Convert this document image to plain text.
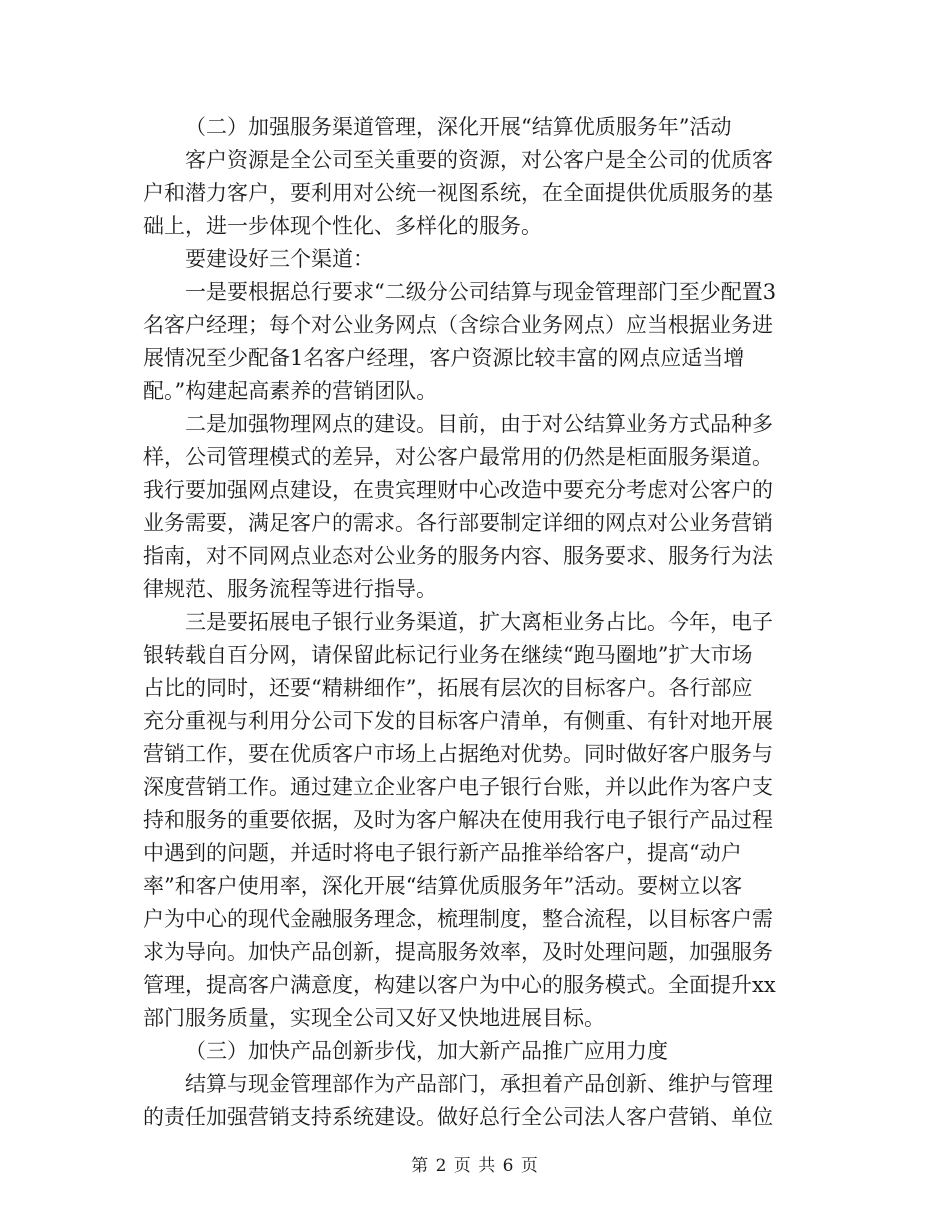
（二）加强服务渠道管理，深化开展“结算优质服务年”活动
客户资源是全公司至关重要的资源，对公客户是全公司的优质客
户和潜力客户，要利用对公统一视图系统，在全面提供优质服务的基
础上，进一步体现个性化、多样化的服务。
要建设好三个渠道：
一是要根据总行要求“二级分公司结算与现金管理部门至少配置3
名客户经理；每个对公业务网点（含综合业务网点）应当根据业务进
展情况至少配备1名客户经理，客户资源比较丰富的网点应适当增
配。”构建起高素养的营销团队。
二是加强物理网点的建设。目前，由于对公结算业务方式品种多
样，公司管理模式的差异，对公客户最常用的仍然是柜面服务渠道。
我行要加强网点建设，在贵宾理财中心改造中要充分考虑对公客户的
业务需要，满足客户的需求。各行部要制定详细的网点对公业务营销
指南，对不同网点业态对公业务的服务内容、服务要求、服务行为法
律规范、服务流程等进行指导。
三是要拓展电子银行业务渠道，扩大离柜业务占比。今年，电子
银转载自百分网，请保留此标记行业务在继续“跑马圈地”扩大市场
占比的同时，还要“精耕细作”，拓展有层次的目标客户。各行部应
充分重视与利用分公司下发的目标客户清单，有侧重、有针对地开展
营销工作，要在优质客户市场上占据绝对优势。同时做好客户服务与
深度营销工作。通过建立企业客户电子银行台账，并以此作为客户支
持和服务的重要依据，及时为客户解决在使用我行电子银行产品过程
中遇到的问题，并适时将电子银行新产品推举给客户，提高“动户
率”和客户使用率，深化开展“结算优质服务年”活动。要树立以客
户为中心的现代金融服务理念，梳理制度，整合流程，以目标客户需
求为导向。加快产品创新，提高服务效率，及时处理问题，加强服务
管理，提高客户满意度，构建以客户为中心的服务模式。全面提升xx
部门服务质量，实现全公司又好又快地进展目标。
（三）加快产品创新步伐，加大新产品推广应用力度
结算与现金管理部作为产品部门，承担着产品创新、维护与管理
的责任加强营销支持系统建设。做好总行全公司法人客户营销、单位
第 2 页 共 6 页
